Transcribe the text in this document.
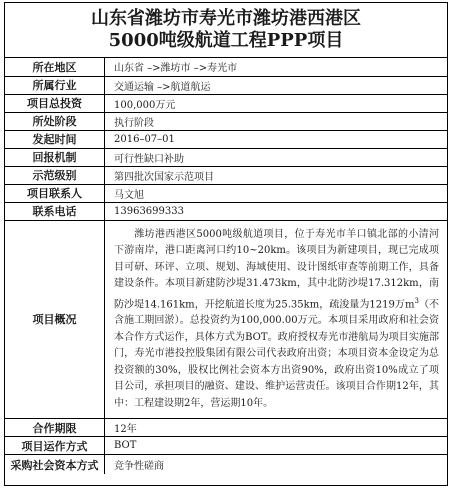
山东省潍坊市寿光市潍坊港西港区
5000吨级航道工程PPP项目
所在地区	山东省 –>潍坊市 –>寿光市
所属行业	交通运输 –>航道航运
项目总投资	100,000万元
所处阶段	执行阶段
发起时间	2016–07–01
回报机制	可行性缺口补助
示范级别	第四批次国家示范项目
项目联系人	马文旭
联系电话	13963699333
项目概况	潍坊港西港区5000吨级航道项目，位于寿光市羊口镇北部的小清河下游南岸，港口距离河口约10~20km。该项目为新建项目，现已完成项目可研、环评、立项、规划、海域使用、设计图纸审查等前期工作，具备建设条件。本项目新建防沙堤31.473km，其中北防沙堤17.312km，南防沙堤14.161km，开挖航道长度为25.35km，疏浚量为1219万$m^3$（不含施工期回淤）。总投资约为100,000.00万元。本项目采用政府和社会资本合作方式运作，具体方式为BOT。政府授权寿光市港航局为项目实施部门，寿光市港投控股集团有限公司代表政府出资；本项目资本金设定为总投资额的30%，股权比例社会资本方出资90%，政府出资10%成立了项目公司，承担项目的融资、建设、维护运营责任。该项目合作期12年，其中：工程建设期2年，营运期10年。
合作期限	12年
项目运作方式	BOT
采购社会资本方式	竞争性磋商
